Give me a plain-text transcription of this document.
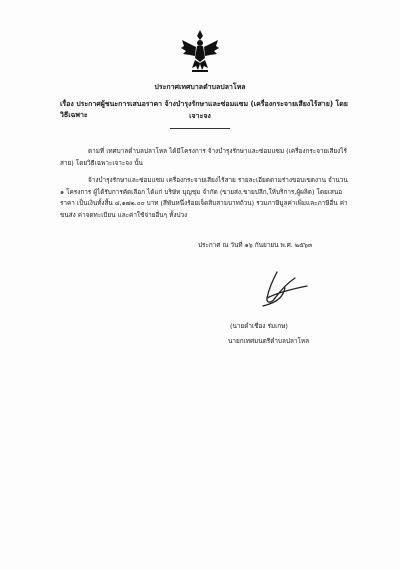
ประกาศเทศบาลตำบลปลาโหล
เรื่อง ประกาศผู้ชนะการเสนอราคา จ้างบำรุงรักษาและซ่อมแซม (เครื่องกระจายเสียงไร้สาย) โดยวิธีเฉพาะ	เจาะจง
ตามที่ เทศบาลตำบลปลาโหล ได้มีโครงการ จ้างบำรุงรักษาและซ่อมแซม (เครื่องกระจายเสียงไร้สาย) โดยวิธีเฉพาะเจาะจง นั้น
จ้างบำรุงรักษาและซ่อมแซม เครื่องกระจายเสียงไร้สาย รายละเอียดตามร่างขอบเขตงาน จำนวน ๑ โครงการ ผู้ได้รับการคัดเลือก ได้แก่ บริษัท บุญชุม จำกัด (ขายส่ง,ขายปลีก,ให้บริการ,ผู้ผลิต) โดยเสนอราคา เป็นเงินทั้งสิ้น ๔,๑๗๒.๐๐ บาท (สี่พันหนึ่งร้อยเจ็ดสิบสามบาทถ้วน) รวมภาษีมูลค่าเพิ่มและภาษีอื่น ค่าขนส่ง ค่าจดทะเบียน และค่าใช้จ่ายอื่นๆ ทั้งปวง
ประกาศ ณ วันที่ ๑๖ กันยายน พ.ศ. ๒๕๖๓
(นายดำเชื่อง ร่มเกษ)
นายกเทศมนตรีตำบลปลาโหล
